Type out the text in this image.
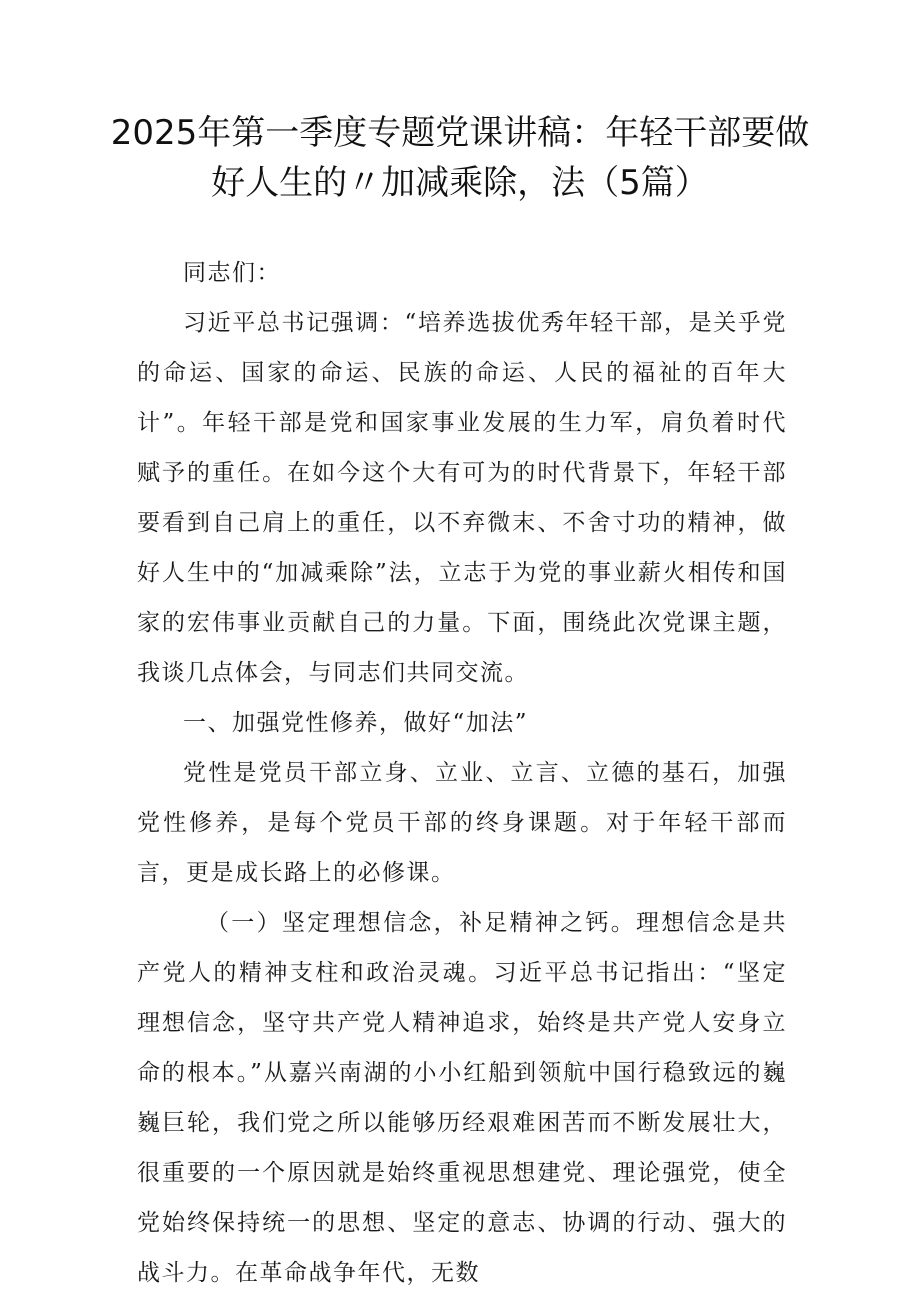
2025年第一季度专题党课讲稿：年轻干部要做
好人生的〃加减乘除，法（5篇）

同志们：

习近平总书记强调：“培养选拔优秀年轻干部，是关乎党的命运、国家的命运、民族的命运、人民的福祉的百年大计”。年轻干部是党和国家事业发展的生力军，肩负着时代赋予的重任。在如今这个大有可为的时代背景下，年轻干部要看到自己肩上的重任，以不弃微末、不舍寸功的精神，做好人生中的“加减乘除”法，立志于为党的事业薪火相传和国家的宏伟事业贡献自己的力量。下面，围绕此次党课主题，我谈几点体会，与同志们共同交流。

一、加强党性修养，做好“加法”

党性是党员干部立身、立业、立言、立德的基石，加强党性修养，是每个党员干部的终身课题。对于年轻干部而言，更是成长路上的必修课。

（一）坚定理想信念，补足精神之钙。理想信念是共产党人的精神支柱和政治灵魂。习近平总书记指出：“坚定理想信念，坚守共产党人精神追求，始终是共产党人安身立命的根本。”从嘉兴南湖的小小红船到领航中国行稳致远的巍巍巨轮，我们党之所以能够历经艰难困苦而不断发展壮大，很重要的一个原因就是始终重视思想建党、理论强党，使全党始终保持统一的思想、坚定的意志、协调的行动、强大的战斗力。在革命战争年代，无数
